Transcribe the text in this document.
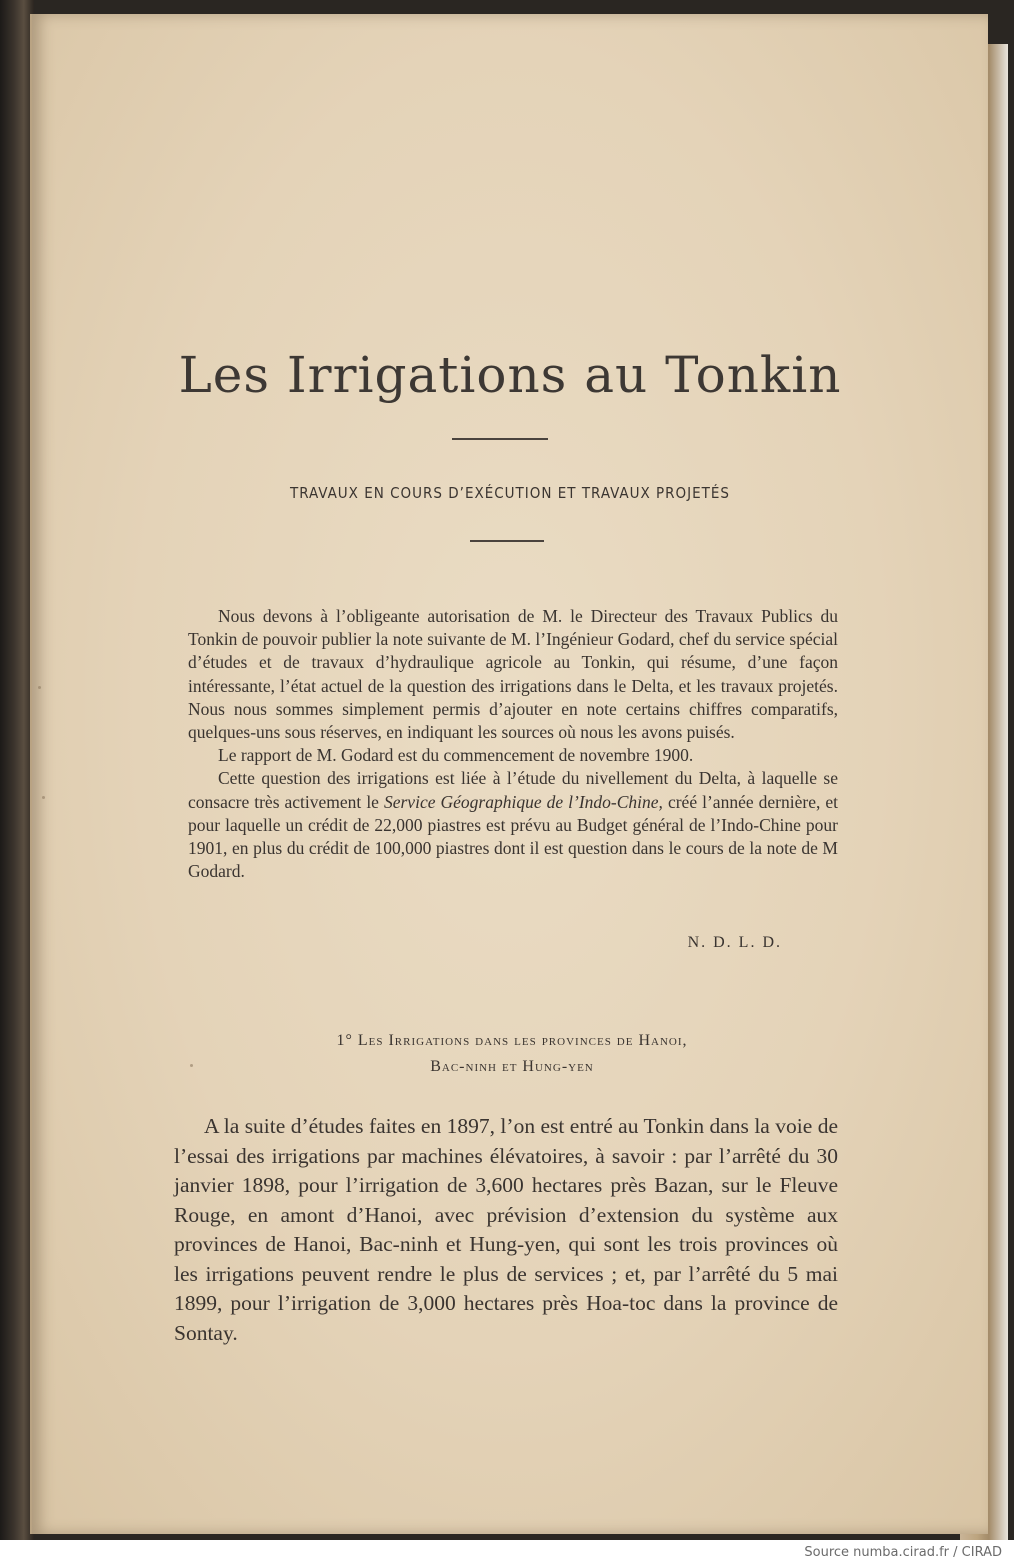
Les Irrigations au Tonkin
TRAVAUX EN COURS D’EXÉCUTION ET TRAVAUX PROJETÉS

Nous devons à l’obligeante autorisation de M. le Directeur des Travaux Publics du Tonkin de pouvoir publier la note suivante de M. l’Ingénieur Godard, chef du service spécial d’études et de travaux d’hydraulique agricole au Tonkin, qui résume, d’une façon intéressante, l’état actuel de la question des irrigations dans le Delta, et les travaux projetés. Nous nous sommes simplement permis d’ajouter en note certains chiffres comparatifs, quelques-uns sous réserves, en indiquant les sources où nous les avons puisés.

Le rapport de M. Godard est du commencement de novembre 1900.

Cette question des irrigations est liée à l’étude du nivellement du Delta, à laquelle se consacre très activement le Service Géographique de l’Indo-Chine, créé l’année dernière, et pour laquelle un crédit de 22,000 piastres est prévu au Budget général de l’Indo-Chine pour 1901, en plus du crédit de 100,000 piastres dont il est question dans le cours de la note de M Godard.

N. D. L. D.
1° Les Irrigations dans les provinces de Hanoi,
Bac-ninh et Hung-yen

A la suite d’études faites en 1897, l’on est entré au Tonkin dans la voie de l’essai des irrigations par machines élévatoires, à savoir : par l’arrêté du 30 janvier 1898, pour l’irrigation de 3,600 hectares près Bazan, sur le Fleuve Rouge, en amont d’Hanoi, avec prévision d’extension du système aux provinces de Hanoi, Bac-ninh et Hung-yen, qui sont les trois provinces où les irrigations peuvent rendre le plus de services ; et, par l’arrêté du 5 mai 1899, pour l’irrigation de 3,000 hectares près Hoa-toc dans la province de Sontay.

Source numba.cirad.fr / CIRAD
